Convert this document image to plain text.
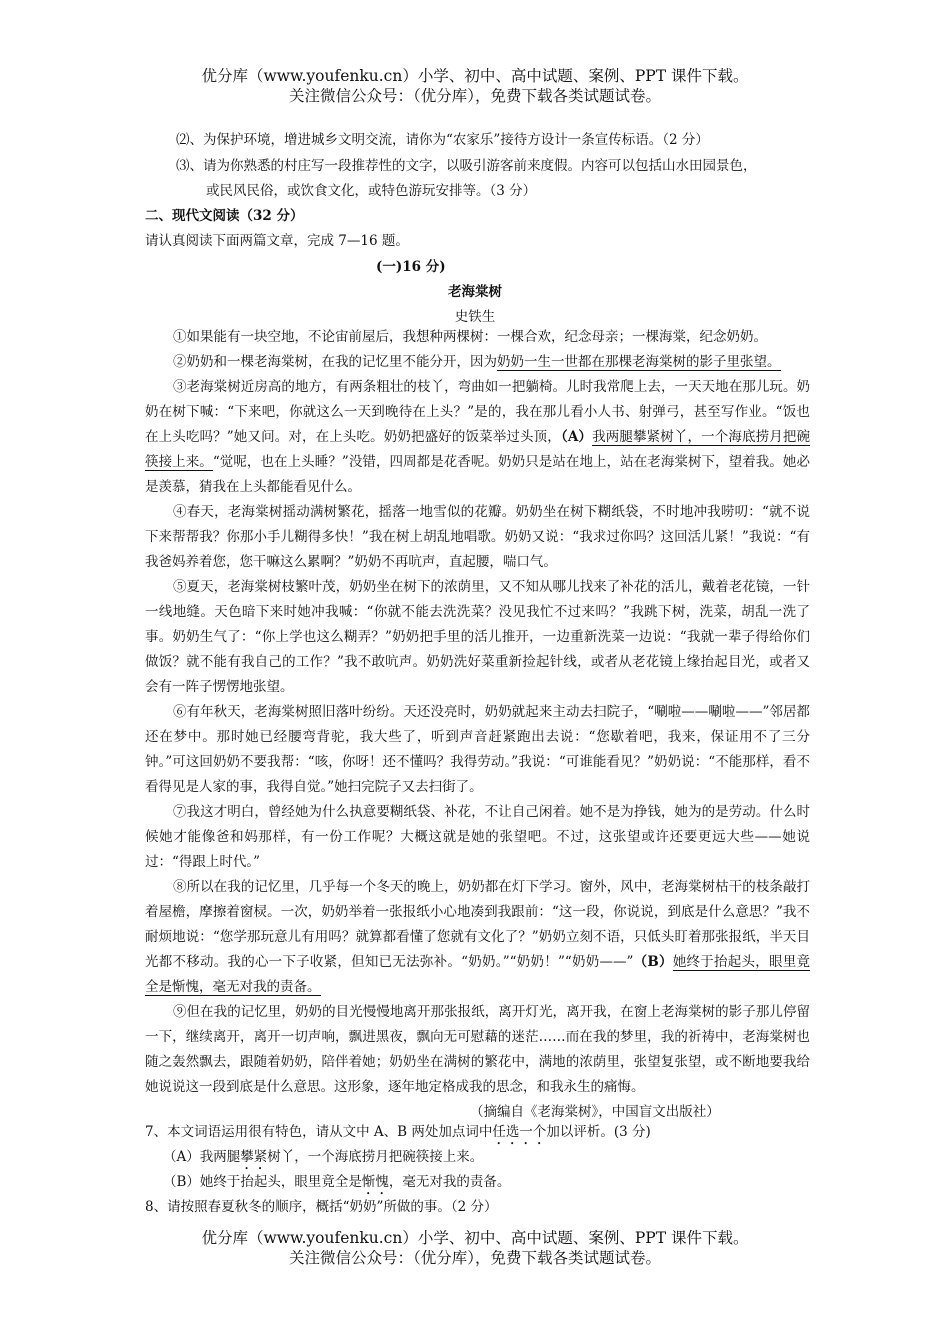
优分库（www.youfenku.cn）小学、初中、高中试题、案例、PPT 课件下载。
关注微信公众号：（优分库），免费下载各类试题试卷。
⑵、为保护环境，增进城乡文明交流，请你为“农家乐”接待方设计一条宣传标语。（2 分）
⑶、请为你熟悉的村庄写一段推荐性的文字，以吸引游客前来度假。内容可以包括山水田园景色，
或民风民俗，或饮食文化，或特色游玩安排等。（3 分）
二、现代文阅读（32 分）
请认真阅读下面两篇文章，完成 7—16 题。
(一)16 分)
老海棠树
史铁生
①如果能有一块空地，不论宙前屋后，我想种两棵树：一棵合欢，纪念母亲；一棵海棠，纪念奶奶。
②奶奶和一棵老海棠树，在我的记忆里不能分开，因为奶奶一生一世都在那棵老海棠树的影子里张望。
③老海棠树近房高的地方，有两条粗壮的枝丫，弯曲如一把躺椅。儿时我常爬上去，一天天地在那儿玩。奶奶在树下喊：“下来吧，你就这么一天到晚待在上头？”是的，我在那儿看小人书、射弹弓，甚至写作业。“饭也在上头吃吗？”她又问。对，在上头吃。奶奶把盛好的饭菜举过头顶，（A）我两腿攀紧树丫，一个海底捞月把碗筷接上来。“觉呢，也在上头睡？”没错，四周都是花香呢。奶奶只是站在地上，站在老海棠树下，望着我。她必是羡慕，猜我在上头都能看见什么。
④春天，老海棠树摇动满树繁花，摇落一地雪似的花瓣。奶奶坐在树下糊纸袋，不时地冲我唠叨：“就不说下来帮帮我？你那小手儿糊得多快！”我在树上胡乱地唱歌。奶奶又说：“我求过你吗？这回活儿紧！”我说：“有我爸妈养着您，您干嘛这么累啊？”奶奶不再吭声，直起腰，喘口气。
⑤夏天，老海棠树枝繁叶茂，奶奶坐在树下的浓荫里，又不知从哪儿找来了补花的活儿，戴着老花镜，一针一线地缝。天色暗下来时她冲我喊：“你就不能去洗洗菜？没见我忙不过来吗？”我跳下树，洗菜，胡乱一洗了事。奶奶生气了：“你上学也这么糊弄？”奶奶把手里的活儿推开，一边重新洗菜一边说：“我就一辈子得给你们做饭？就不能有我自己的工作？”我不敢吭声。奶奶洗好菜重新捡起针线，或者从老花镜上缘抬起目光，或者又会有一阵子愣愣地张望。
⑥有年秋天，老海棠树照旧落叶纷纷。天还没亮时，奶奶就起来主动去扫院子，“唰啦——唰啦——”邻居都还在梦中。那时她已经腰弯背驼，我大些了，听到声音赶紧跑出去说：“您歇着吧，我来，保证用不了三分钟。”可这回奶奶不要我帮：“咳，你呀！还不懂吗？我得劳动。”我说：“可谁能看见？”奶奶说：“不能那样，看不看得见是人家的事，我得自觉。”她扫完院子又去扫街了。
⑦我这才明白，曾经她为什么执意要糊纸袋、补花，不让自己闲着。她不是为挣钱，她为的是劳动。什么时候她才能像爸和妈那样，有一份工作呢？大概这就是她的张望吧。不过，这张望或许还要更远大些——她说过：“得跟上时代。”
⑧所以在我的记忆里，几乎每一个冬天的晚上，奶奶都在灯下学习。窗外，风中，老海棠树枯干的枝条敲打着屋檐，摩擦着窗棂。一次，奶奶举着一张报纸小心地凑到我跟前：“这一段，你说说，到底是什么意思？”我不耐烦地说：“您学那玩意儿有用吗？就算都看懂了您就有文化了？”奶奶立刻不语，只低头盯着那张报纸，半天目光都不移动。我的心一下子收紧，但知已无法弥补。“奶奶。”“奶奶！”“奶奶——”（B）她终于抬起头，眼里竟全是惭愧，毫无对我的责备。
⑨但在我的记忆里，奶奶的目光慢慢地离开那张报纸，离开灯光，离开我，在窗上老海棠树的影子那儿停留一下，继续离开，离开一切声响，飘进黑夜，飘向无可慰藉的迷茫……而在我的梦里，我的祈祷中，老海棠树也随之轰然飘去，跟随着奶奶，陪伴着她；奶奶坐在满树的繁花中，满地的浓荫里，张望复张望，或不断地要我给她说说这一段到底是什么意思。这形象，逐年地定格成我的思念，和我永生的痛悔。
（摘编自《老海棠树》，中国盲文出版社）
7、本文词语运用很有特色，请从文中 A、B 两处加点词中任选一个加以评析。(3 分)
（A）我两腿攀紧树丫，一个海底捞月把碗筷接上来。
（B）她终于抬起头，眼里竟全是惭愧，毫无对我的责备。
8、请按照春夏秋冬的顺序，概括“奶奶”所做的事。（2 分）
优分库（www.youfenku.cn）小学、初中、高中试题、案例、PPT 课件下载。
关注微信公众号：（优分库），免费下载各类试题试卷。
